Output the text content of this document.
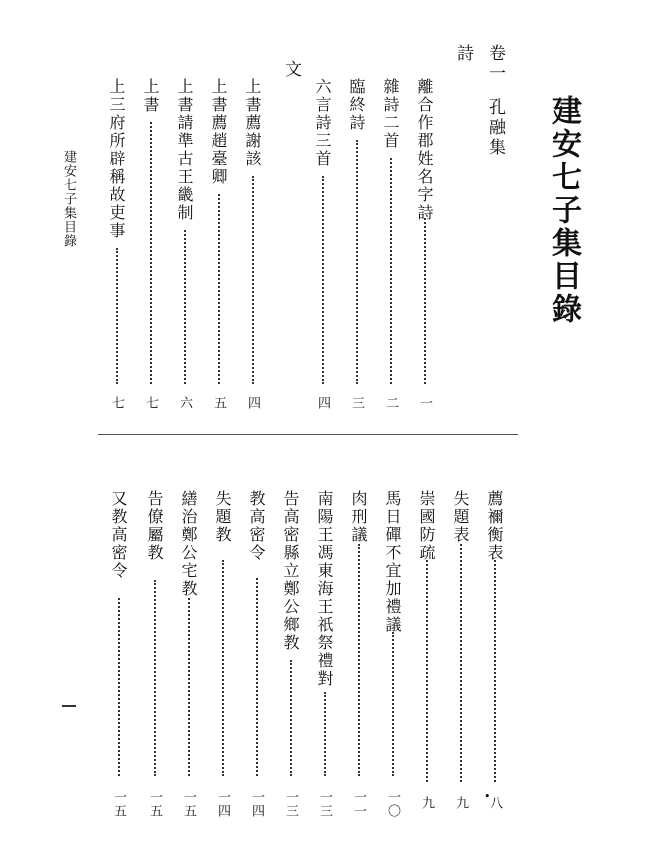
建安七子集目錄
卷一
孔融集
詩
離合作郡姓名字詩
一
雜詩二首
二
臨終詩
三
六言詩三首
四
文
上書薦謝該
四
上書薦趙臺卿
五
上書請準古王畿制
六
上書
七
上三府所辟稱故吏事
七
建安七子集目錄
薦禰衡表
八
•
失題表
九
崇國防疏
九
馬日磾不宜加禮議
一〇
肉刑議
一一
南陽王馮東海王祇祭禮對
一三
告高密縣立鄭公鄉教
一三
教高密令
一四
失題教
一四
繕治鄭公宅教
一五
告僚屬教
一五
又教高密令
一五
